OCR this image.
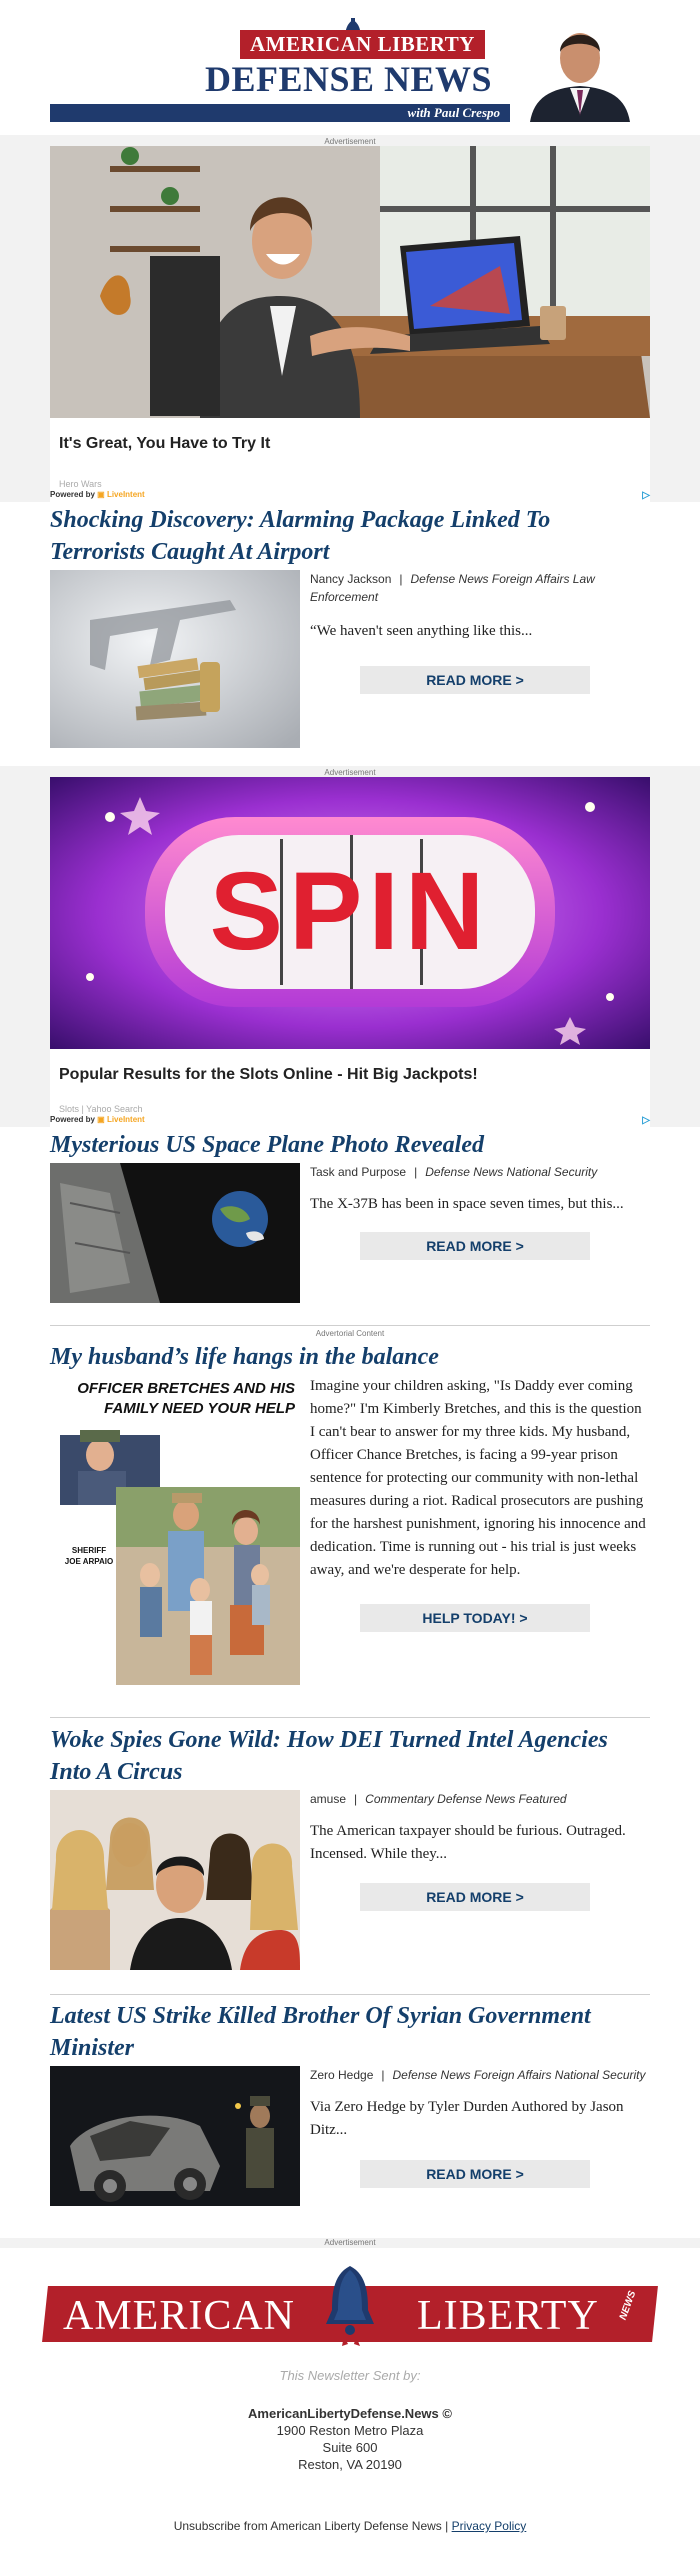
AMERICAN LIBERTY
DEFENSE NEWS
with Paul Crespo
Advertisement
It's Great, You Have to Try It
Hero Wars
Powered by ▣ LiveIntent	▷
Shocking Discovery: Alarming Package Linked To Terrorists Caught At Airport
Nancy Jackson | Defense News Foreign Affairs Law Enforcement
“We haven't seen anything like this...
READ MORE >
Advertisement
SPIN
Popular Results for the Slots Online - Hit Big Jackpots!
Slots | Yahoo Search
Powered by ▣ LiveIntent	▷
Mysterious US Space Plane Photo Revealed
Task and Purpose | Defense News National Security
The X-37B has been in space seven times, but this...
READ MORE >
Advertorial Content
My husband’s life hangs in the balance
OFFICER BRETCHES AND HIS FAMILY NEED YOUR HELP
SHERIFF JOE ARPAIO
Imagine your children asking, "Is Daddy ever coming home?" I'm Kimberly Bretches, and this is the question I can't bear to answer for my three kids. My husband, Officer Chance Bretches, is facing a 99-year prison sentence for protecting our community with non-lethal measures during a riot. Radical prosecutors are pushing for the harshest punishment, ignoring his innocence and dedication. Time is running out - his trial is just weeks away, and we're desperate for help.
HELP TODAY! >
Woke Spies Gone Wild: How DEI Turned Intel Agencies Into A Circus
amuse | Commentary Defense News Featured
The American taxpayer should be furious. Outraged. Incensed. While they...
READ MORE >
Latest US Strike Killed Brother Of Syrian Government Minister
Zero Hedge | Defense News Foreign Affairs National Security
Via Zero Hedge by Tyler Durden Authored by Jason Ditz...
READ MORE >
Advertisement
AMERICAN	LIBERTY NEWS
This Newsletter Sent by:
AmericanLibertyDefense.News ©
1900 Reston Metro Plaza
Suite 600
Reston, VA 20190
Unsubscribe from American Liberty Defense News | Privacy Policy
